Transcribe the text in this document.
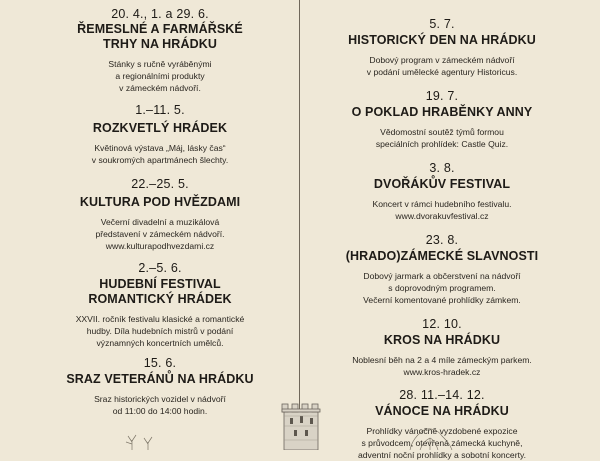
20. 4., 1. a 29. 6.
ŘEMESLNÉ A FARMÁŘSKÉ
TRHY NA HRÁDKU
Stánky s ručně vyráběnými
a regionálními produkty
v zámeckém nádvoří.
1.–11. 5.
ROZKVETLÝ HRÁDEK
Květinová výstava „Máj, lásky čas“
v soukromých apartmánech šlechty.
22.–25. 5.
KULTURA POD HVĚZDAMI
Večerní divadelní a muzikálová
představení v zámeckém nádvoří.
www.kulturapodhvezdami.cz
2.–5. 6.
HUDEBNÍ FESTIVAL
ROMANTICKÝ HRÁDEK
XXVII. ročník festivalu klasické a romantické
hudby. Díla hudebních mistrů v podání
významných koncertních umělců.
15. 6.
SRAZ VETERÁNŮ NA HRÁDKU
Sraz historických vozidel v nádvoří
od 11:00 do 14:00 hodin.
5. 7.
HISTORICKÝ DEN NA HRÁDKU
Dobový program v zámeckém nádvoří
v podání umělecké agentury Historicus.
19. 7.
O POKLAD HRABĚNKY ANNY
Vědomostní soutěž týmů formou
speciálních prohlídek: Castle Quiz.
3. 8.
DVOŘÁKŮV FESTIVAL
Koncert v rámci hudebního festivalu.
www.dvorakuvfestival.cz
23. 8.
(HRADO)ZÁMECKÉ SLAVNOSTI
Dobový jarmark a občerstvení na nádvoří
s doprovodným programem.
Večerní komentované prohlídky zámkem.
12. 10.
KROS NA HRÁDKU
Noblesní běh na 2 a 4 míle zámeckým parkem.
www.kros-hradek.cz
28. 11.–14. 12.
VÁNOCE NA HRÁDKU
Prohlídky vánočně vyzdobené expozice
s průvodcem, otevřená zámecká kuchyně,
adventní noční prohlídky a sobotní koncerty.
